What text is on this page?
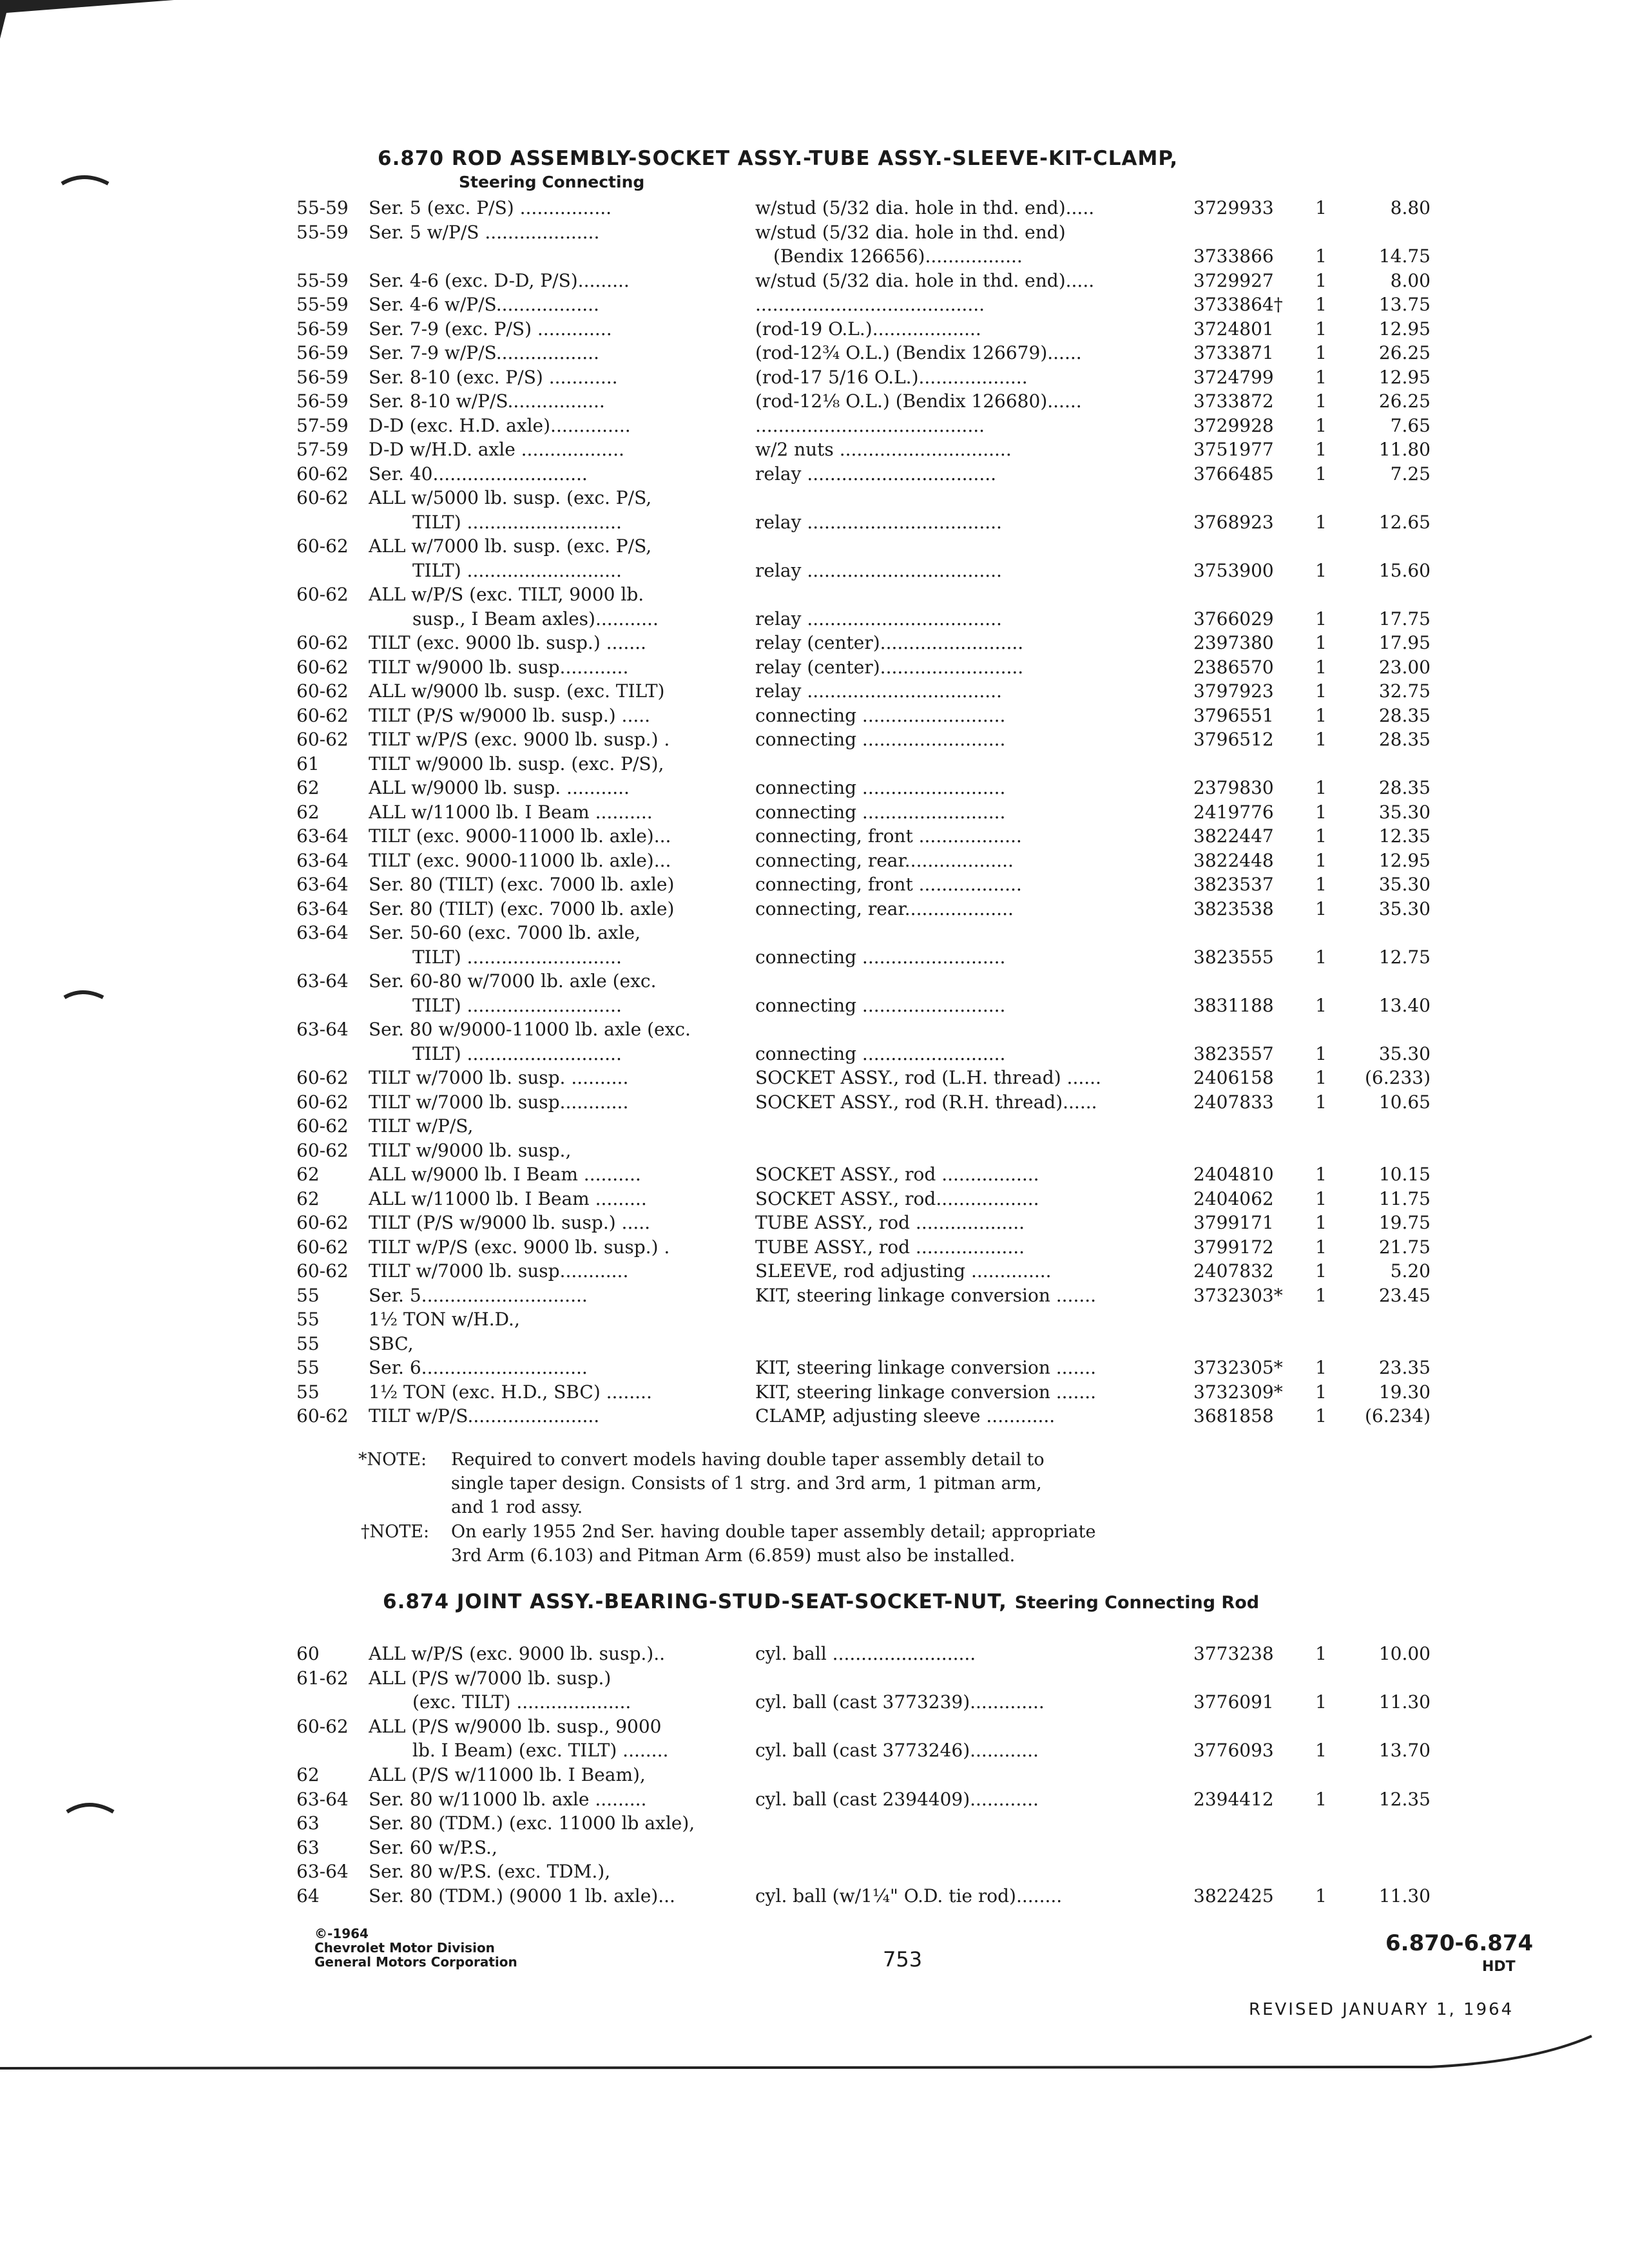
6.870 ROD ASSEMBLY-SOCKET ASSY.-TUBE ASSY.-SLEEVE-KIT-CLAMP,
Steering Connecting
55-59	Ser. 5 (exc. P/S) ................	w/stud (5/32 dia. hole in thd. end).....	3729933	1	8.80
55-59	Ser. 5 w/P/S ....................	w/stud (5/32 dia. hole in thd. end)
(Bendix 126656).................	3733866	1	14.75
55-59	Ser. 4-6 (exc. D-D, P/S).........	w/stud (5/32 dia. hole in thd. end).....	3729927	1	8.00
55-59	Ser. 4-6 w/P/S..................	........................................	3733864†	1	13.75
56-59	Ser. 7-9 (exc. P/S) .............	(rod-19 O.L.)...................	3724801	1	12.95
56-59	Ser. 7-9 w/P/S..................	(rod-12¾ O.L.) (Bendix 126679)......	3733871	1	26.25
56-59	Ser. 8-10 (exc. P/S) ............	(rod-17 5/16 O.L.)...................	3724799	1	12.95
56-59	Ser. 8-10 w/P/S.................	(rod-12⅛ O.L.) (Bendix 126680)......	3733872	1	26.25
57-59	D-D (exc. H.D. axle)..............	........................................	3729928	1	7.65
57-59	D-D w/H.D. axle ..................	w/2 nuts ..............................	3751977	1	11.80
60-62	Ser. 40...........................	relay .................................	3766485	1	7.25
60-62	ALL w/5000 lb. susp. (exc. P/S,
TILT) ...........................	relay ..................................	3768923	1	12.65
60-62	ALL w/7000 lb. susp. (exc. P/S,
TILT) ...........................	relay ..................................	3753900	1	15.60
60-62	ALL w/P/S (exc. TILT, 9000 lb.
susp., I Beam axles)...........	relay ..................................	3766029	1	17.75
60-62	TILT (exc. 9000 lb. susp.) .......	relay (center).........................	2397380	1	17.95
60-62	TILT w/9000 lb. susp............	relay (center).........................	2386570	1	23.00
60-62	ALL w/9000 lb. susp. (exc. TILT)	relay ..................................	3797923	1	32.75
60-62	TILT (P/S w/9000 lb. susp.) .....	connecting .........................	3796551	1	28.35
60-62	TILT w/P/S (exc. 9000 lb. susp.) .	connecting .........................	3796512	1	28.35
61	TILT w/9000 lb. susp. (exc. P/S),
62	ALL w/9000 lb. susp. ...........	connecting .........................	2379830	1	28.35
62	ALL w/11000 lb. I Beam ..........	connecting .........................	2419776	1	35.30
63-64	TILT (exc. 9000-11000 lb. axle)...	connecting, front ..................	3822447	1	12.35
63-64	TILT (exc. 9000-11000 lb. axle)...	connecting, rear...................	3822448	1	12.95
63-64	Ser. 80 (TILT) (exc. 7000 lb. axle)	connecting, front ..................	3823537	1	35.30
63-64	Ser. 80 (TILT) (exc. 7000 lb. axle)	connecting, rear...................	3823538	1	35.30
63-64	Ser. 50-60 (exc. 7000 lb. axle,
TILT) ...........................	connecting .........................	3823555	1	12.75
63-64	Ser. 60-80 w/7000 lb. axle (exc.
TILT) ...........................	connecting .........................	3831188	1	13.40
63-64	Ser. 80 w/9000-11000 lb. axle (exc.
TILT) ...........................	connecting .........................	3823557	1	35.30
60-62	TILT w/7000 lb. susp. ..........	SOCKET ASSY., rod (L.H. thread) ......	2406158	1	(6.233)
60-62	TILT w/7000 lb. susp............	SOCKET ASSY., rod (R.H. thread)......	2407833	1	10.65
60-62	TILT w/P/S,
60-62	TILT w/9000 lb. susp.,
62	ALL w/9000 lb. I Beam ..........	SOCKET ASSY., rod .................	2404810	1	10.15
62	ALL w/11000 lb. I Beam .........	SOCKET ASSY., rod..................	2404062	1	11.75
60-62	TILT (P/S w/9000 lb. susp.) .....	TUBE ASSY., rod ...................	3799171	1	19.75
60-62	TILT w/P/S (exc. 9000 lb. susp.) .	TUBE ASSY., rod ...................	3799172	1	21.75
60-62	TILT w/7000 lb. susp............	SLEEVE, rod adjusting ..............	2407832	1	5.20
55	Ser. 5.............................	KIT, steering linkage conversion .......	3732303*	1	23.45
55	1½ TON w/H.D.,
55	SBC,
55	Ser. 6.............................	KIT, steering linkage conversion .......	3732305*	1	23.35
55	1½ TON (exc. H.D., SBC) ........	KIT, steering linkage conversion .......	3732309*	1	19.30
60-62	TILT w/P/S.......................	CLAMP, adjusting sleeve ............	3681858	1	(6.234)
*NOTE: Required to convert models having double taper assembly detail to
single taper design. Consists of 1 strg. and 3rd arm, 1 pitman arm,
and 1 rod assy.
†NOTE: On early 1955 2nd Ser. having double taper assembly detail; appropriate
3rd Arm (6.103) and Pitman Arm (6.859) must also be installed.
6.874 JOINT ASSY.-BEARING-STUD-SEAT-SOCKET-NUT, Steering Connecting Rod
60	ALL w/P/S (exc. 9000 lb. susp.)..	cyl. ball .........................	3773238	1	10.00
61-62	ALL (P/S w/7000 lb. susp.)
(exc. TILT) ....................	cyl. ball (cast 3773239).............	3776091	1	11.30
60-62	ALL (P/S w/9000 lb. susp., 9000
lb. I Beam) (exc. TILT) ........	cyl. ball (cast 3773246)............	3776093	1	13.70
62	ALL (P/S w/11000 lb. I Beam),
63-64	Ser. 80 w/11000 lb. axle .........	cyl. ball (cast 2394409)............	2394412	1	12.35
63	Ser. 80 (TDM.) (exc. 11000 lb axle),
63	Ser. 60 w/P.S.,
63-64	Ser. 80 w/P.S. (exc. TDM.),
64	Ser. 80 (TDM.) (9000 1 lb. axle)...	cyl. ball (w/1¼" O.D. tie rod)........	3822425	1	11.30
©-1964
Chevrolet Motor Division
General Motors Corporation	753
6.870-6.874
HDT
REVISED JANUARY 1, 1964
